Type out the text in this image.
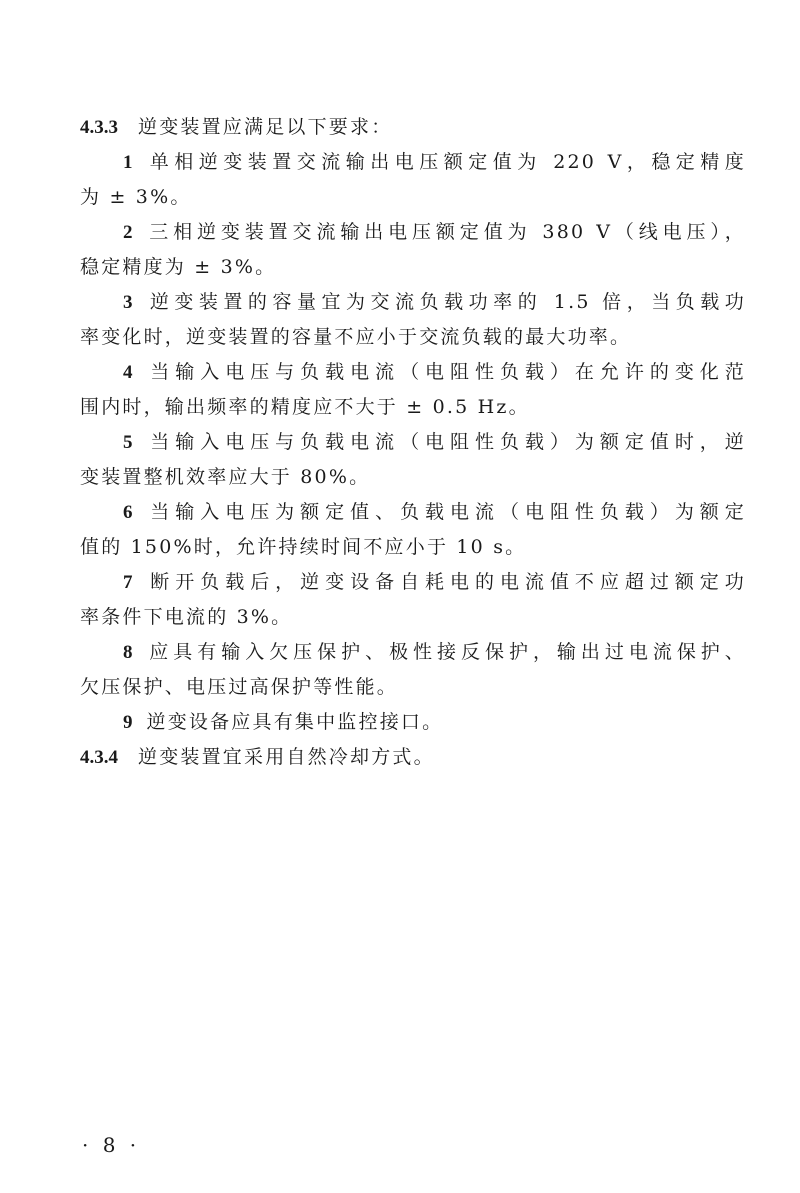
4.3.3 逆变装置应满足以下要求：
1 单相逆变装置交流输出电压额定值为 220 V，稳定精度
为 ± 3%。
2 三相逆变装置交流输出电压额定值为 380 V（线电压），
稳定精度为 ± 3%。
3 逆变装置的容量宜为交流负载功率的 1.5 倍，当负载功
率变化时，逆变装置的容量不应小于交流负载的最大功率。
4 当输入电压与负载电流（电阻性负载）在允许的变化范
围内时，输出频率的精度应不大于 ± 0.5 Hz。
5 当输入电压与负载电流（电阻性负载）为额定值时，逆
变装置整机效率应大于 80%。
6 当输入电压为额定值、负载电流（电阻性负载）为额定
值的 150%时，允许持续时间不应小于 10 s。
7 断开负载后，逆变设备自耗电的电流值不应超过额定功
率条件下电流的 3%。
8 应具有输入欠压保护、极性接反保护，输出过电流保护、
欠压保护、电压过高保护等性能。
9 逆变设备应具有集中监控接口。
4.3.4 逆变装置宜采用自然冷却方式。
· 8 ·
